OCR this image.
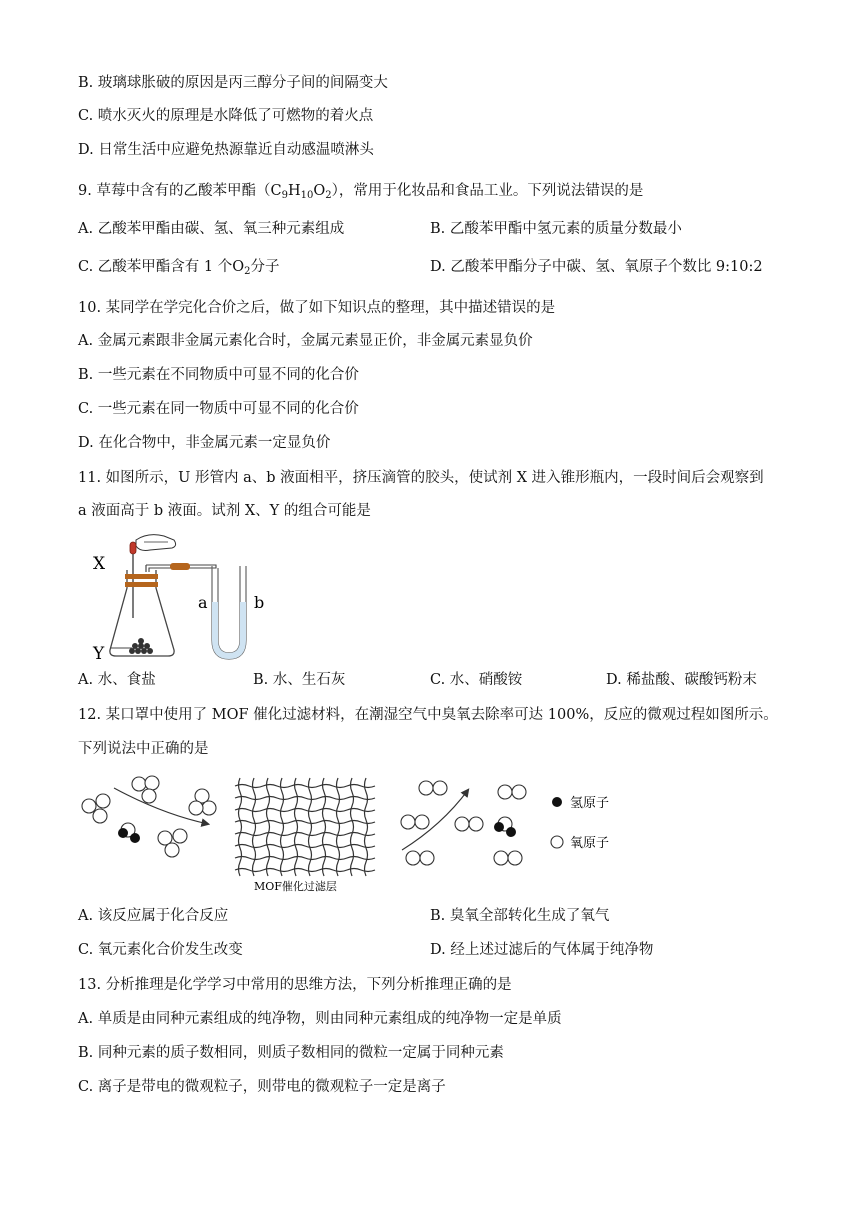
B. 玻璃球胀破的原因是丙三醇分子间的间隔变大
C. 喷水灭火的原理是水降低了可燃物的着火点
D. 日常生活中应避免热源靠近自动感温喷淋头
9. 草莓中含有的乙酸苯甲酯$(C_9H_{10}O_2)$，常用于化妆品和食品工业。下列说法错误的是
A. 乙酸苯甲酯由碳、氢、氧三种元素组成	B. 乙酸苯甲酯中氢元素的质量分数最小
C. 乙酸苯甲酯含有 1 个$O_2$分子	D. 乙酸苯甲酯分子中碳、氢、氧原子个数比 9:10:2
10. 某同学在学完化合价之后，做了如下知识点的整理，其中描述错误的是
A. 金属元素跟非金属元素化合时，金属元素显正价，非金属元素显负价
B. 一些元素在不同物质中可显不同的化合价
C. 一些元素在同一物质中可显不同的化合价
D. 在化合物中，非金属元素一定显负价
11. 如图所示，U 形管内 a、b 液面相平，挤压滴管的胶头，使试剂 X 进入锥形瓶内，一段时间后会观察到
a 液面高于 b 液面。试剂 X、Y 的组合可能是
X
Y
a	b
A. 水、食盐	B. 水、生石灰	C. 水、硝酸铵	D. 稀盐酸、碳酸钙粉末
12. 某口罩中使用了 MOF 催化过滤材料，在潮湿空气中臭氧去除率可达 100%，反应的微观过程如图所示。
下列说法中正确的是
MOF催化过滤层
氢原子
氧原子
A. 该反应属于化合反应	B. 臭氧全部转化生成了氧气
C. 氧元素化合价发生改变	D. 经上述过滤后的气体属于纯净物
13. 分析推理是化学学习中常用的思维方法，下列分析推理正确的是
A. 单质是由同种元素组成的纯净物，则由同种元素组成的纯净物一定是单质
B. 同种元素的质子数相同，则质子数相同的微粒一定属于同种元素
C. 离子是带电的微观粒子，则带电的微观粒子一定是离子
